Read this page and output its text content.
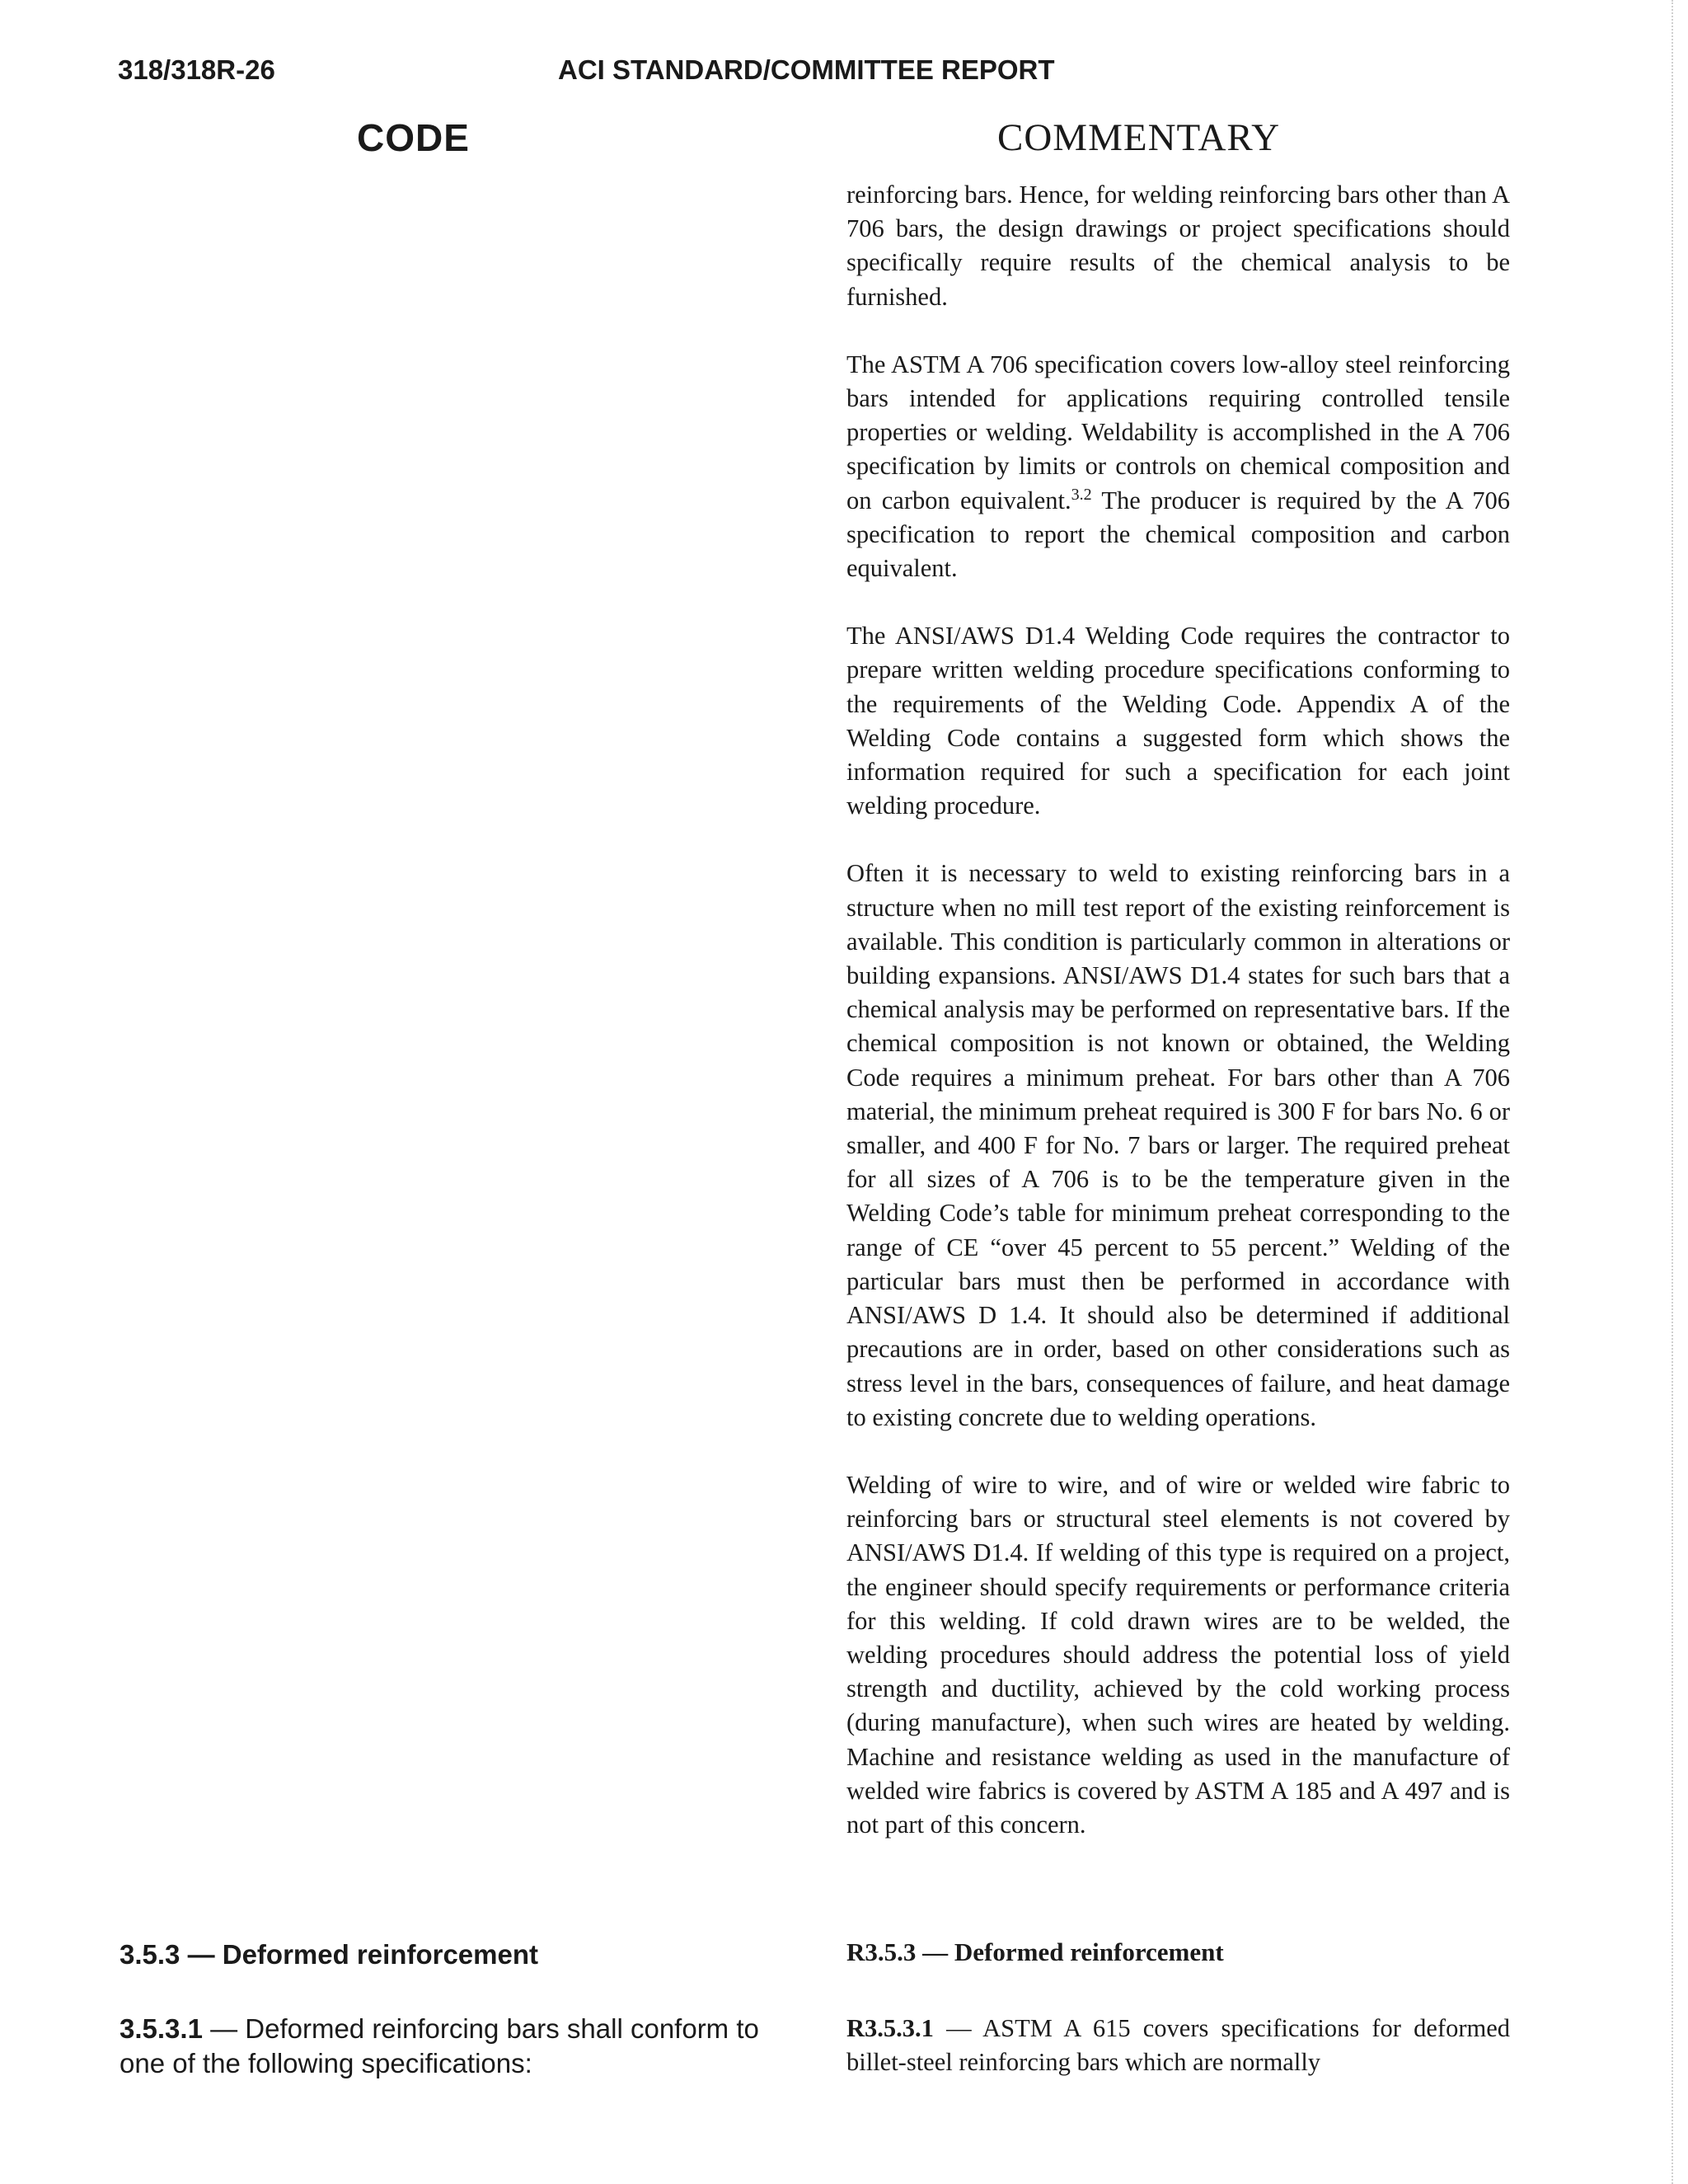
318/318R-26	ACI STANDARD/COMMITTEE REPORT
CODE	COMMENTARY

reinforcing bars. Hence, for welding reinforcing bars other than A 706 bars, the design drawings or project specifications should specifically require results of the chemical analysis to be furnished.

The ASTM A 706 specification covers low-alloy steel reinforcing bars intended for applications requiring controlled tensile properties or welding. Weldability is accomplished in the A 706 specification by limits or controls on chemical composition and on carbon equivalent.$^{3.2}$ The producer is required by the A 706 specification to report the chemical composition and carbon equivalent.

The ANSI/AWS D1.4 Welding Code requires the contractor to prepare written welding procedure specifications conforming to the requirements of the Welding Code. Appendix A of the Welding Code contains a suggested form which shows the information required for such a specification for each joint welding procedure.

Often it is necessary to weld to existing reinforcing bars in a structure when no mill test report of the existing reinforcement is available. This condition is particularly common in alterations or building expansions. ANSI/AWS D1.4 states for such bars that a chemical analysis may be performed on representative bars. If the chemical composition is not known or obtained, the Welding Code requires a minimum preheat. For bars other than A 706 material, the minimum preheat required is 300 F for bars No. 6 or smaller, and 400 F for No. 7 bars or larger. The required preheat for all sizes of A 706 is to be the temperature given in the Welding Code’s table for minimum preheat corresponding to the range of CE “over 45 percent to 55 percent.” Welding of the particular bars must then be performed in accordance with ANSI/AWS D 1.4. It should also be determined if additional precautions are in order, based on other considerations such as stress level in the bars, consequences of failure, and heat damage to existing concrete due to welding operations.

Welding of wire to wire, and of wire or welded wire fabric to reinforcing bars or structural steel elements is not covered by ANSI/AWS D1.4. If welding of this type is required on a project, the engineer should specify requirements or performance criteria for this welding. If cold drawn wires are to be welded, the welding procedures should address the potential loss of yield strength and ductility, achieved by the cold working process (during manufacture), when such wires are heated by welding. Machine and resistance welding as used in the manufacture of welded wire fabrics is covered by ASTM A 185 and A 497 and is not part of this concern.

3.5.3 — Deformed reinforcement

3.5.3.1 — Deformed reinforcing bars shall conform to one of the following specifications:

R3.5.3 — Deformed reinforcement

R3.5.3.1 — ASTM A 615 covers specifications for deformed billet-steel reinforcing bars which are normally
